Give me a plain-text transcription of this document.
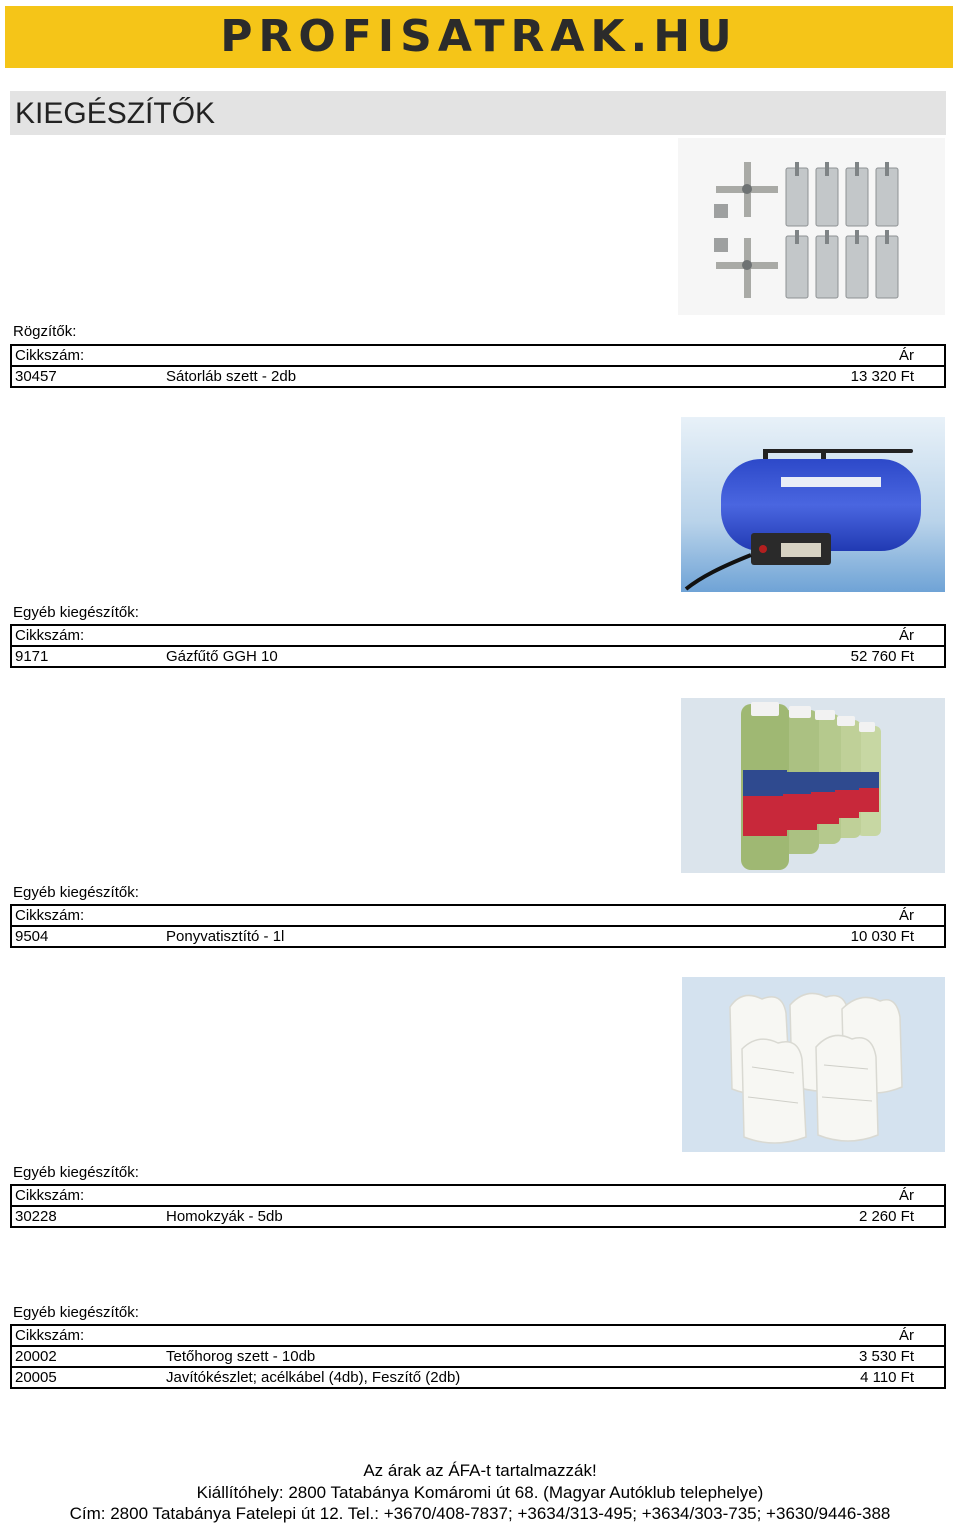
PROFISATRAK.HU
KIEGÉSZÍTŐK
Rögzítők:
Cikkszám:		Ár
30457	Sátorláb szett - 2db	13 320 Ft
Egyéb kiegészítők:
Cikkszám:		Ár
9171	Gázfűtő GGH 10	52 760 Ft
Egyéb kiegészítők:
Cikkszám:		Ár
9504	Ponyvatisztító - 1l	10 030 Ft
Egyéb kiegészítők:
Cikkszám:		Ár
30228	Homokzyák - 5db	2 260 Ft
Egyéb kiegészítők:
Cikkszám:		Ár
20002	Tetőhorog szett - 10db	3 530 Ft
20005	Javítókészlet; acélkábel (4db), Feszítő (2db)	4 110 Ft
Az árak az ÁFA-t tartalmazzák!
Kiállítóhely: 2800 Tatabánya Komáromi út 68. (Magyar Autóklub telephelye)
Cím: 2800 Tatabánya Fatelepi út 12. Tel.: +3670/408-7837; +3634/313-495; +3634/303-735; +3630/9446-388
